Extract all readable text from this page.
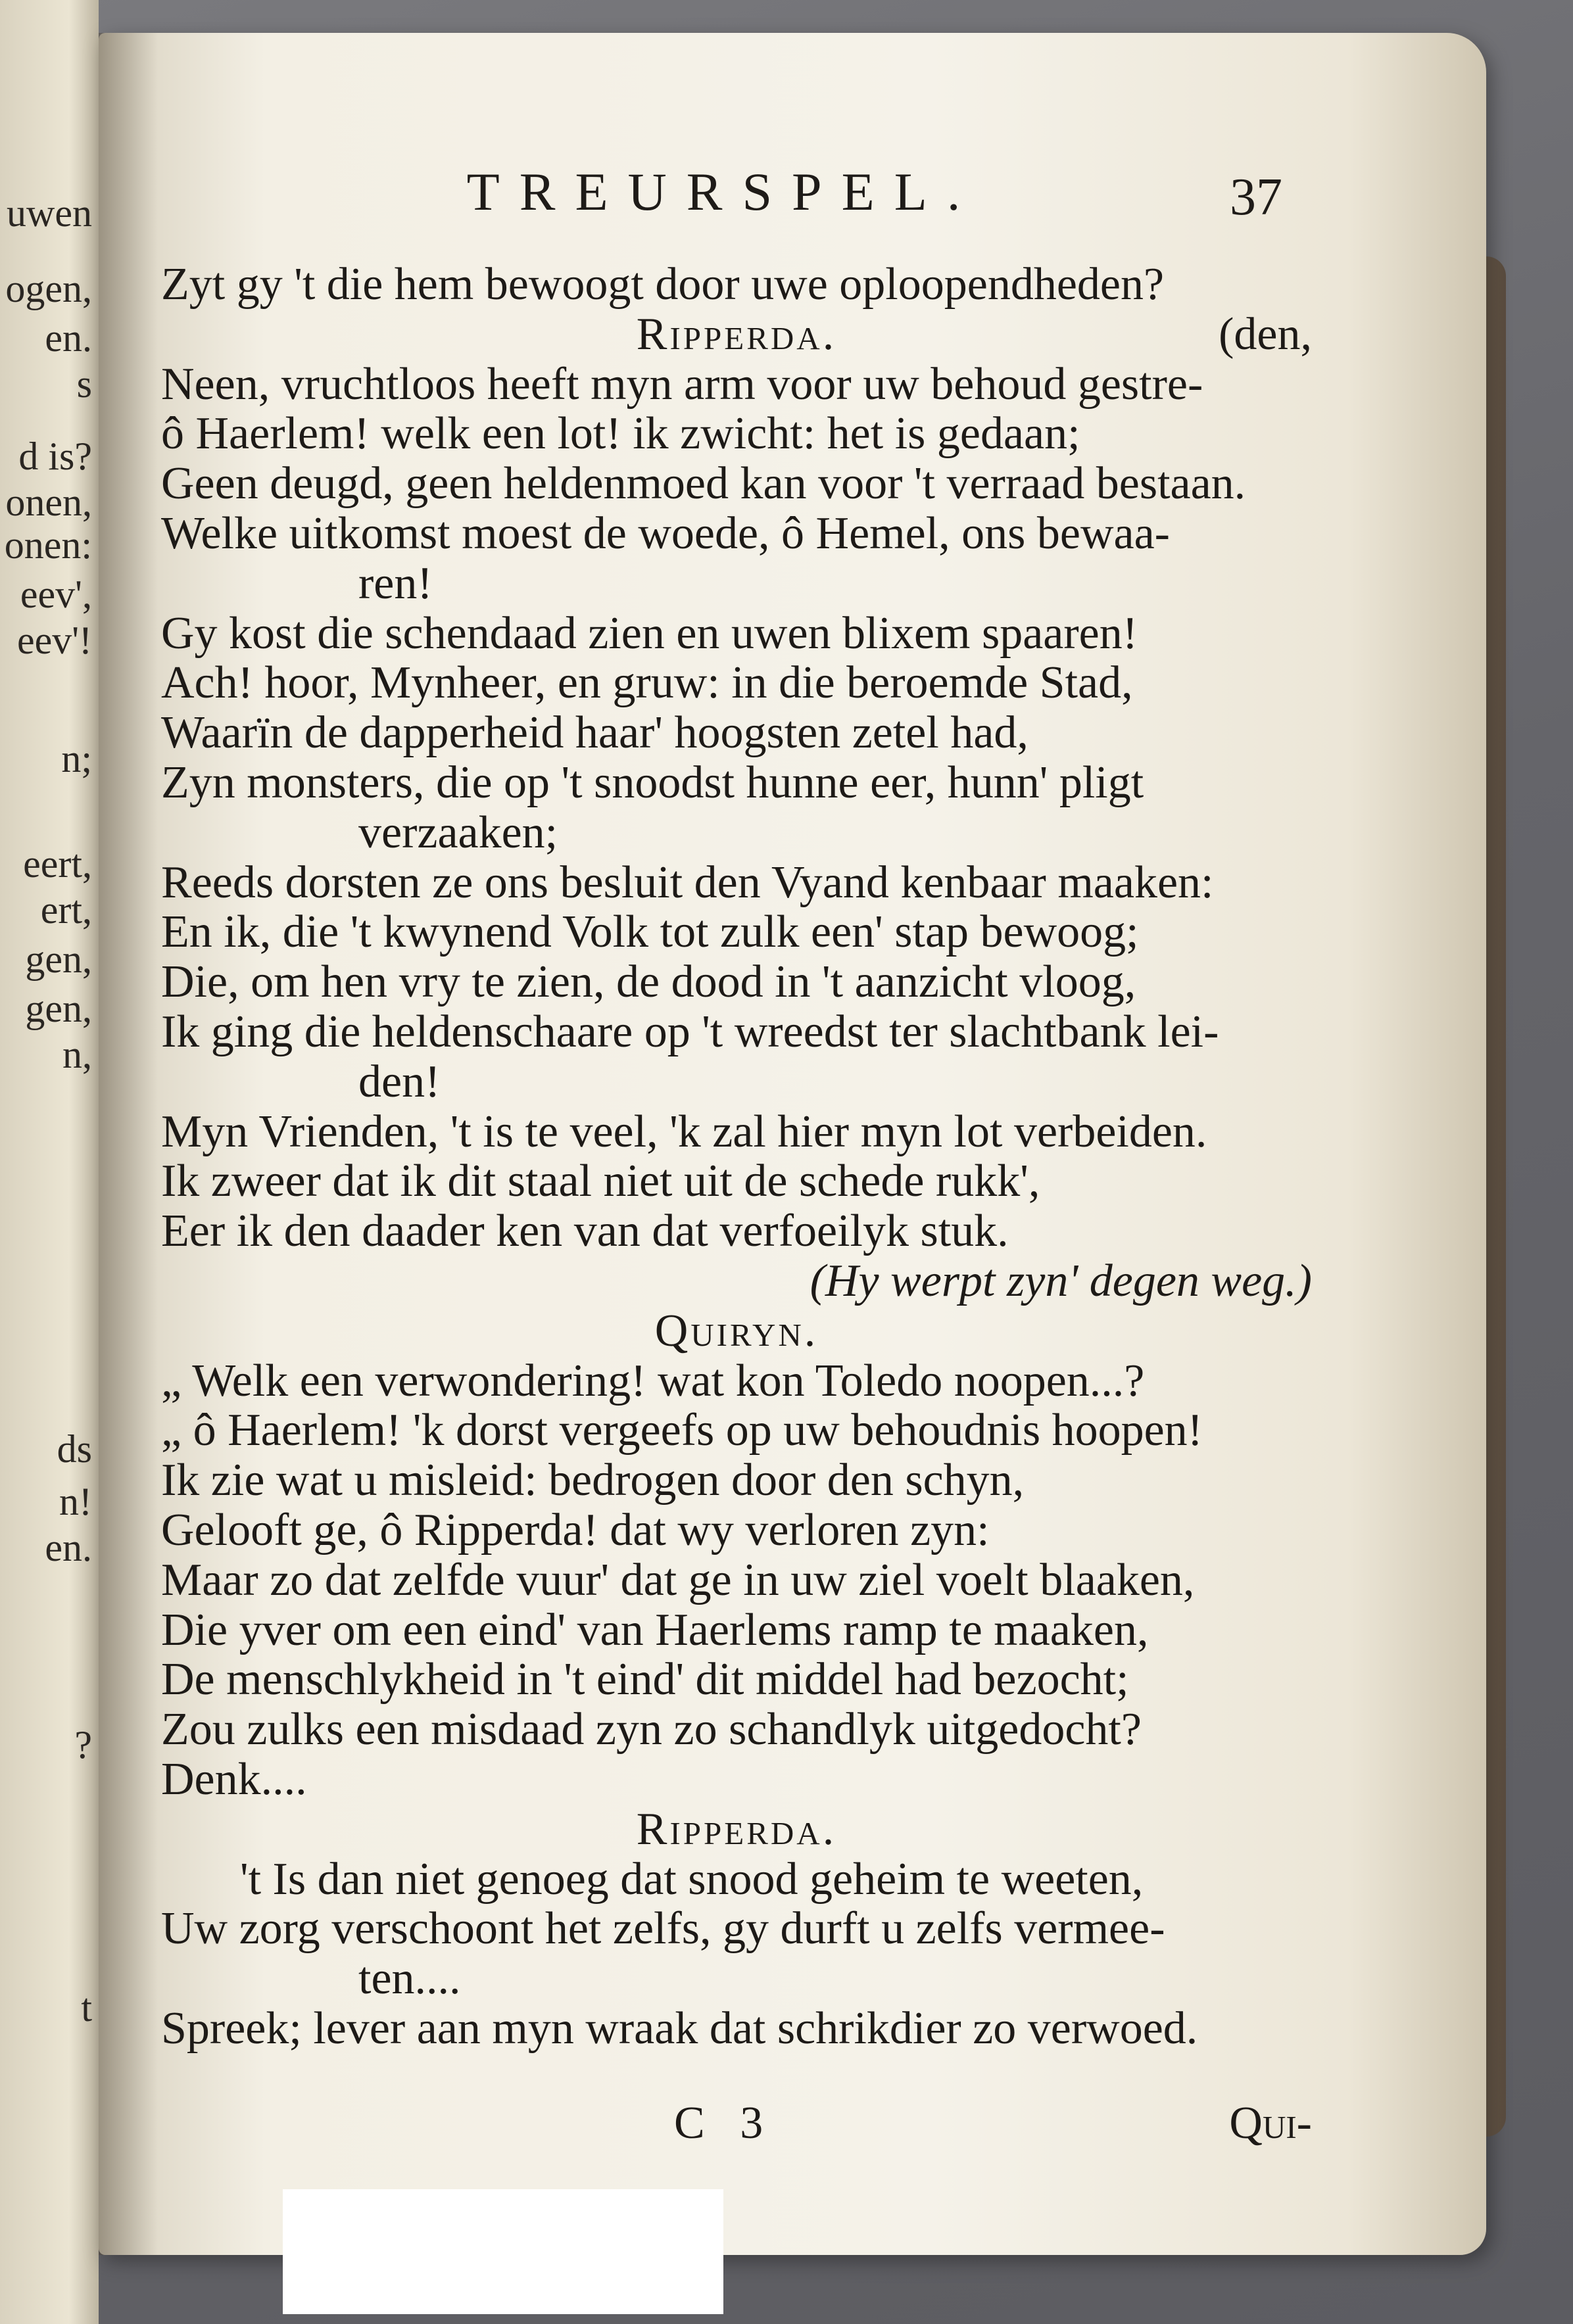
uwen
ogen,
en.
s
d is?
onen,
onen:
eev',
eev'!
n;
eert,
ert,
gen,
gen,
n,
ds
n!
en.
?
t
TREURSPEL.	37
Zyt gy 't die hem bewoogt door uwe oploopendheden?
Ripperda.	(den,
Neen, vruchtloos heeft myn arm voor uw behoud gestre-
ô Haerlem! welk een lot! ik zwicht: het is gedaan;
Geen deugd, geen heldenmoed kan voor 't verraad bestaan.
Welke uitkomst moest de woede, ô Hemel, ons bewaa-
ren!
Gy kost die schendaad zien en uwen blixem spaaren!
Ach! hoor, Mynheer, en gruw: in die beroemde Stad,
Waarïn de dapperheid haar' hoogsten zetel had,
Zyn monsters, die op 't snoodst hunne eer, hunn' pligt
verzaaken;
Reeds dorsten ze ons besluit den Vyand kenbaar maaken:
En ik, die 't kwynend Volk tot zulk een' stap bewoog;
Die, om hen vry te zien, de dood in 't aanzicht vloog,
Ik ging die heldenschaare op 't wreedst ter slachtbank lei-
den!
Myn Vrienden, 't is te veel, 'k zal hier myn lot verbeiden.
Ik zweer dat ik dit staal niet uit de schede rukk',
Eer ik den daader ken van dat verfoeilyk stuk.
(Hy werpt zyn' degen weg.)
Quiryn.
„ Welk een verwondering! wat kon Toledo noopen...?
„ ô Haerlem! 'k dorst vergeefs op uw behoudnis hoopen!
Ik zie wat u misleid: bedrogen door den schyn,
Gelooft ge, ô Ripperda! dat wy verloren zyn:
Maar zo dat zelfde vuur' dat ge in uw ziel voelt blaaken,
Die yver om een eind' van Haerlems ramp te maaken,
De menschlykheid in 't eind' dit middel had bezocht;
Zou zulks een misdaad zyn zo schandlyk uitgedocht?
Denk....
Ripperda.
't Is dan niet genoeg dat snood geheim te weeten,
Uw zorg verschoont het zelfs, gy durft u zelfs vermee-
ten....
Spreek; lever aan myn wraak dat schrikdier zo verwoed.
C 3	Qui-
